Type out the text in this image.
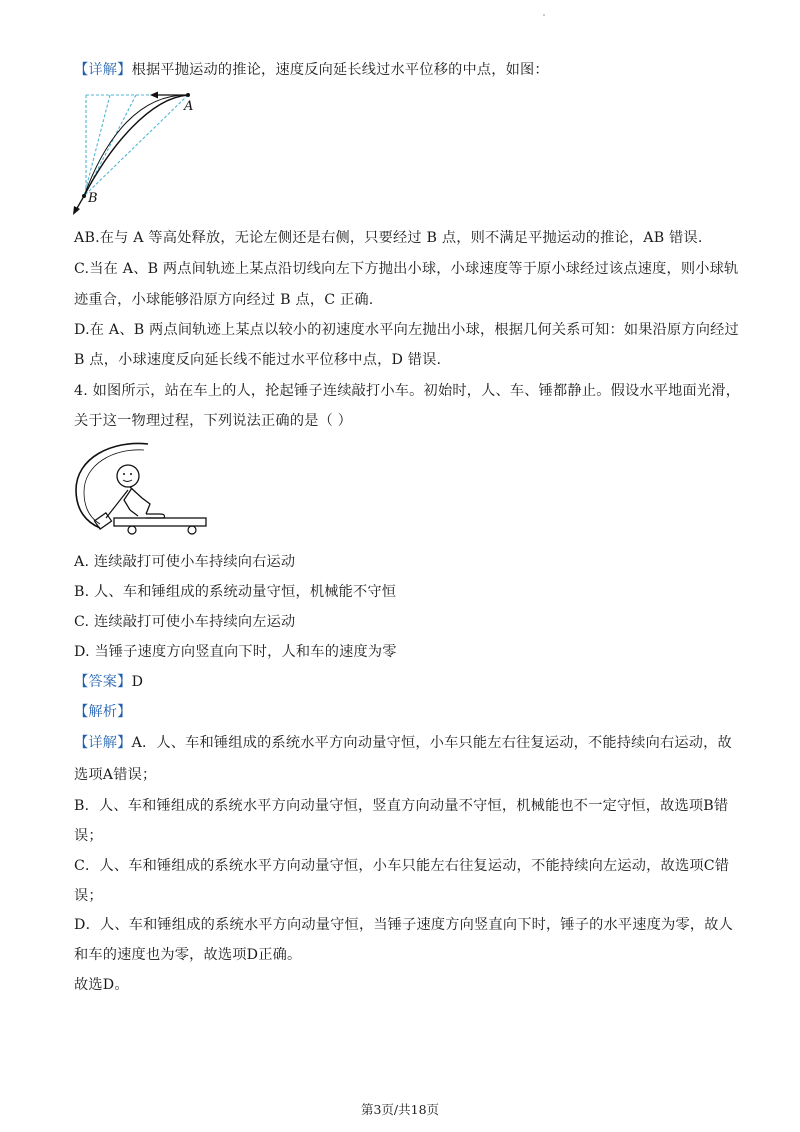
【详解】根据平抛运动的推论，速度反向延长线过水平位移的中点，如图：

A
B

AB.在与 A 等高处释放，无论左侧还是右侧，只要经过 B 点，则不满足平抛运动的推论，AB 错误.

C.当在 A、B 两点间轨迹上某点沿切线向左下方抛出小球，小球速度等于原小球经过该点速度，则小球轨

迹重合，小球能够沿原方向经过 B 点，C 正确.

D.在 A、B 两点间轨迹上某点以较小的初速度水平向左抛出小球，根据几何关系可知：如果沿原方向经过

B 点，小球速度反向延长线不能过水平位移中点，D 错误.

4. 如图所示，站在车上的人，抡起锤子连续敲打小车。初始时，人、车、锤都静止。假设水平地面光滑，

关于这一物理过程，下列说法正确的是（ ）

A. 连续敲打可使小车持续向右运动

B. 人、车和锤组成的系统动量守恒，机械能不守恒

C. 连续敲打可使小车持续向左运动

D. 当锤子速度方向竖直向下时，人和车的速度为零

【答案】D

【解析】

【详解】A．人、车和锤组成的系统水平方向动量守恒，小车只能左右往复运动，不能持续向右运动，故

选项A错误；

B．人、车和锤组成的系统水平方向动量守恒，竖直方向动量不守恒，机械能也不一定守恒，故选项B错

误；

C．人、车和锤组成的系统水平方向动量守恒，小车只能左右往复运动，不能持续向左运动，故选项C错

误；

D．人、车和锤组成的系统水平方向动量守恒，当锤子速度方向竖直向下时，锤子的水平速度为零，故人

和车的速度也为零，故选项D正确。

故选D。

第3页/共18页
